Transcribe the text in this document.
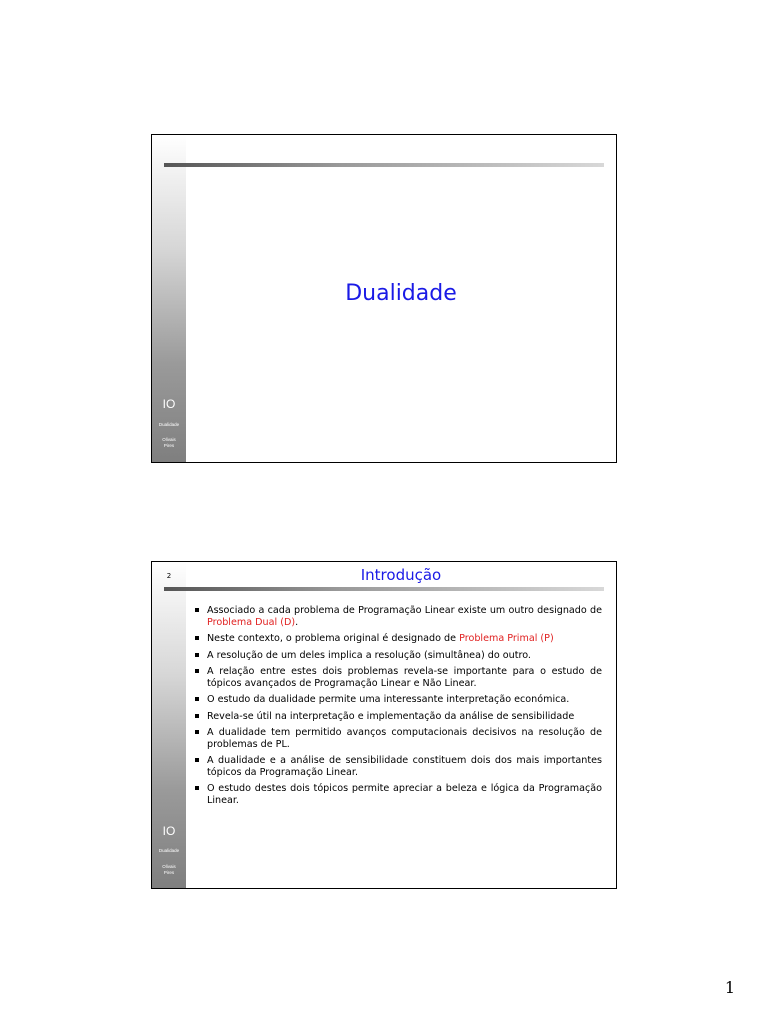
IO
Dualidade
Olivais
Pires
Dualidade
2
IO
Dualidade
Olivais
Pires
Introdução
Associado a cada problema de Programação Linear existe um outro designado de Problema Dual (D).
Neste contexto, o problema original é designado de Problema Primal (P)
A resolução de um deles implica a resolução (simultânea) do outro.
A relação entre estes dois problemas revela-se importante para o estudo de tópicos avançados de Programação Linear e Não Linear.
O estudo da dualidade permite uma interessante interpretação económica.
Revela-se útil na interpretação e implementação da análise de sensibilidade
A dualidade tem permitido avanços computacionais decisivos na resolução de problemas de PL.
A dualidade e a análise de sensibilidade constituem dois dos mais importantes tópicos da Programação Linear.
O estudo destes dois tópicos permite apreciar a beleza e lógica da Programação Linear.
1
